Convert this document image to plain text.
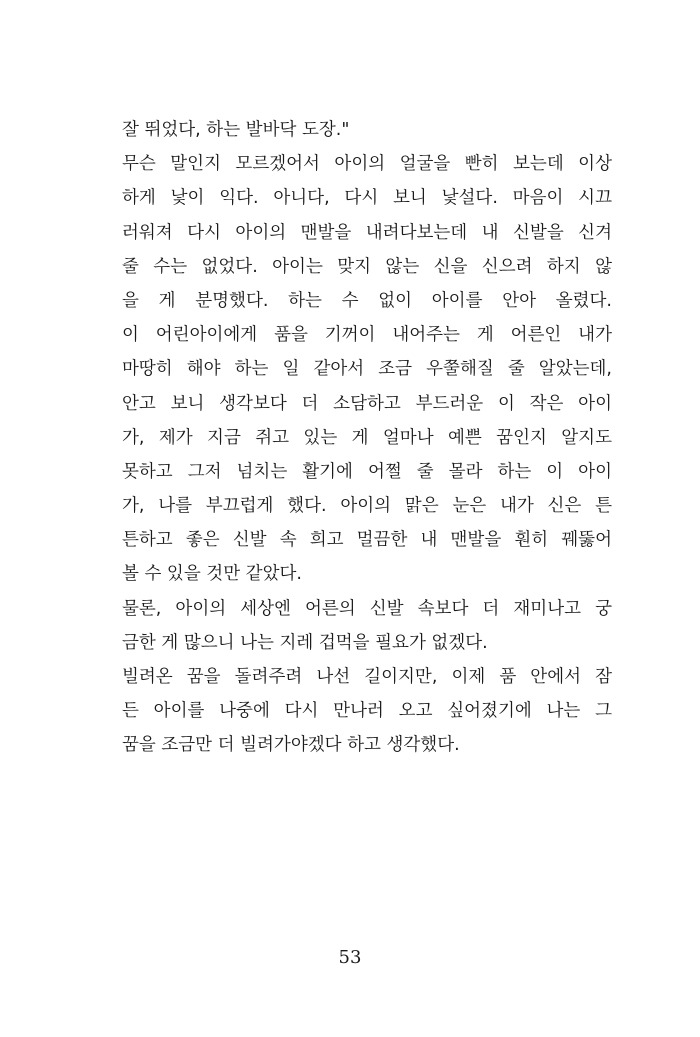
잘 뛰었다, 하는 발바닥 도장."
무슨 말인지 모르겠어서 아이의 얼굴을 빤히 보는데 이상
하게 낯이 익다. 아니다, 다시 보니 낯설다. 마음이 시끄
러워져 다시 아이의 맨발을 내려다보는데 내 신발을 신겨
줄 수는 없었다. 아이는 맞지 않는 신을 신으려 하지 않
을 게 분명했다. 하는 수 없이 아이를 안아 올렸다.
이 어린아이에게 품을 기꺼이 내어주는 게 어른인 내가
마땅히 해야 하는 일 같아서 조금 우쭐해질 줄 알았는데,
안고 보니 생각보다 더 소담하고 부드러운 이 작은 아이
가, 제가 지금 쥐고 있는 게 얼마나 예쁜 꿈인지 알지도
못하고 그저 넘치는 활기에 어쩔 줄 몰라 하는 이 아이
가, 나를 부끄럽게 했다. 아이의 맑은 눈은 내가 신은 튼
튼하고 좋은 신발 속 희고 멀끔한 내 맨발을 훤히 꿰뚫어
볼 수 있을 것만 같았다.
물론, 아이의 세상엔 어른의 신발 속보다 더 재미나고 궁
금한 게 많으니 나는 지레 겁먹을 필요가 없겠다.
빌려온 꿈을 돌려주려 나선 길이지만, 이제 품 안에서 잠
든 아이를 나중에 다시 만나러 오고 싶어졌기에 나는 그
꿈을 조금만 더 빌려가야겠다 하고 생각했다.
53
